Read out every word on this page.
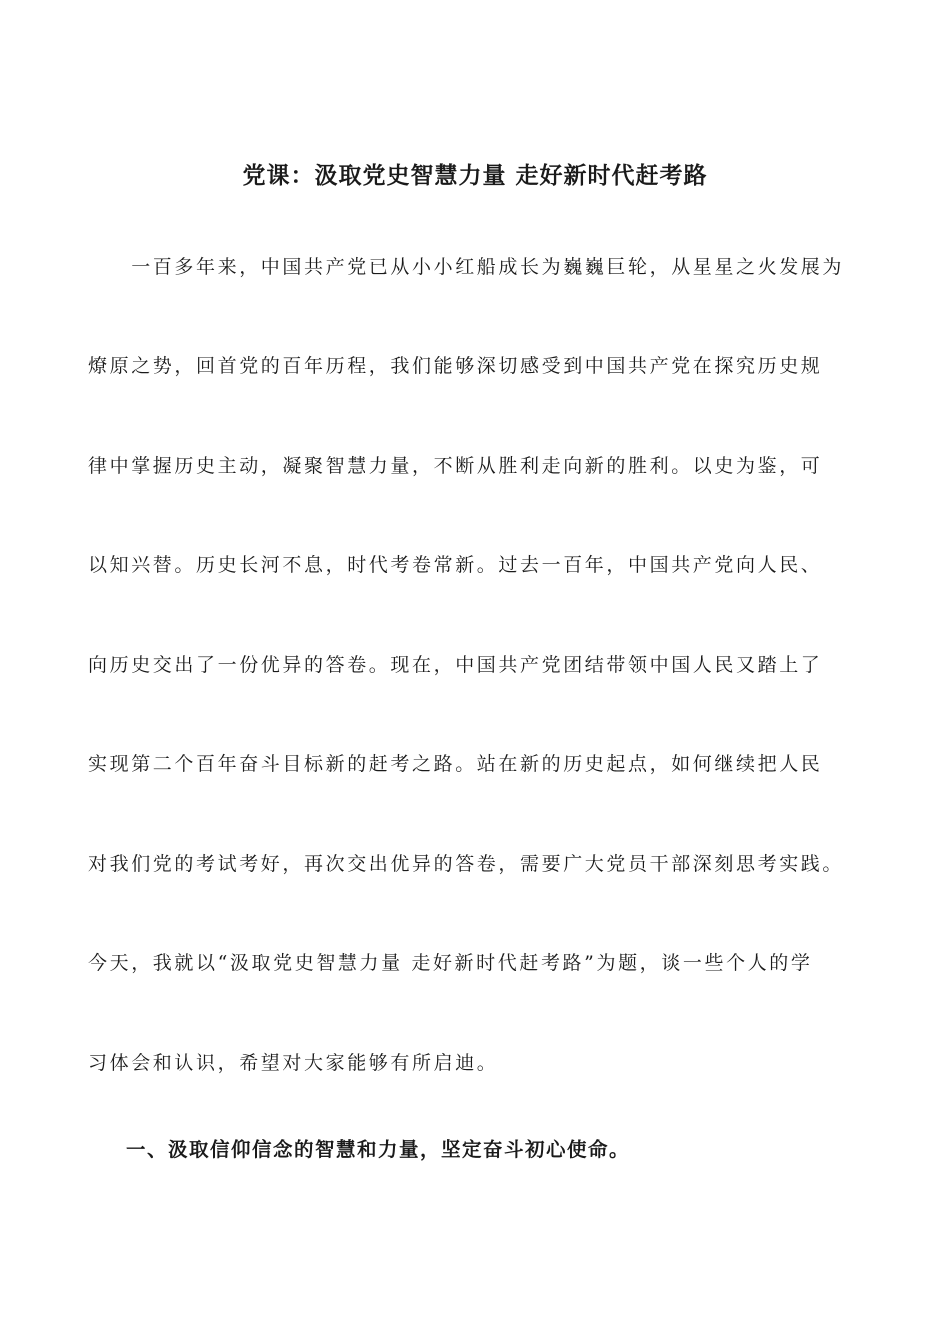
党课：汲取党史智慧力量 走好新时代赶考路
　　一百多年来，中国共产党已从小小红船成长为巍巍巨轮，从星星之火发展为
燎原之势，回首党的百年历程，我们能够深切感受到中国共产党在探究历史规
律中掌握历史主动，凝聚智慧力量，不断从胜利走向新的胜利。以史为鉴，可
以知兴替。历史长河不息，时代考卷常新。过去一百年，中国共产党向人民、
向历史交出了一份优异的答卷。现在，中国共产党团结带领中国人民又踏上了
实现第二个百年奋斗目标新的赶考之路。站在新的历史起点，如何继续把人民
对我们党的考试考好，再次交出优异的答卷，需要广大党员干部深刻思考实践。
今天，我就以“汲取党史智慧力量 走好新时代赶考路”为题，谈一些个人的学
习体会和认识，希望对大家能够有所启迪。
一、汲取信仰信念的智慧和力量，坚定奋斗初心使命。
